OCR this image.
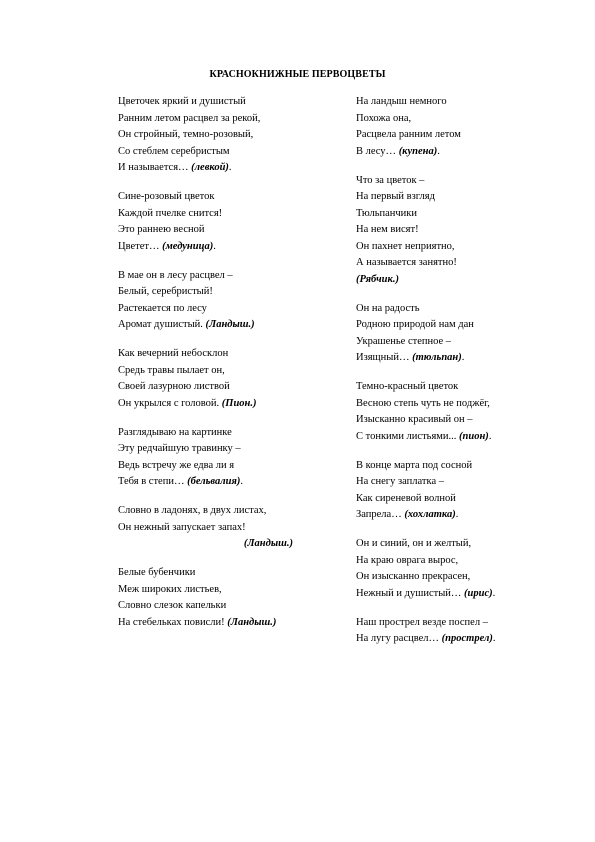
КРАСНОКНИЖНЫЕ ПЕРВОЦВЕТЫ
Цветочек яркий и душистый
Ранним летом расцвел за рекой,
Он стройный, темно-розовый,
Со стеблем серебристым
И называется… (левкой).
Сине-розовый цветок
Каждой пчелке снится!
Это раннею весной
Цветет… (медуница).
В мае он в лесу расцвел –
Белый, серебристый!
Растекается по лесу
Аромат душистый. (Ландыш.)
Как вечерний небосклон
Средь травы пылает он,
Своей лазурною листвой
Он укрылся с головой. (Пион.)
Разглядываю на картинке
Эту редчайшую травинку –
Ведь встречу же едва ли я
Тебя в степи… (бельвалия).
Словно в ладонях, в двух листах,
Он нежный запускает запах!
(Ландыш.)
Белые бубенчики
Меж широких листьев,
Словно слезок капельки
На стебельках повисли! (Ландыш.)
На ландыш немного
Похожа она,
Расцвела ранним летом
В лесу… (купена).
Что за цветок –
На первый взгляд
Тюльпанчики
На нем висят!
Он пахнет неприятно,
А называется занятно!
(Рябчик.)
Он на радость
Родною природой нам дан
Украшенье степное –
Изящный… (тюльпан).
Темно-красный цветок
Весною степь чуть не поджёг,
Изысканно красивый он –
С тонкими листьями... (пион).
В конце марта под сосной
На снегу заплатка –
Как сиреневой волной
Запрела… (хохлатка).
Он и синий, он и желтый,
На краю оврага вырос,
Он изысканно прекрасен,
Нежный и душистый… (ирис).
Наш прострел везде поспел –
На лугу расцвел… (прострел).
